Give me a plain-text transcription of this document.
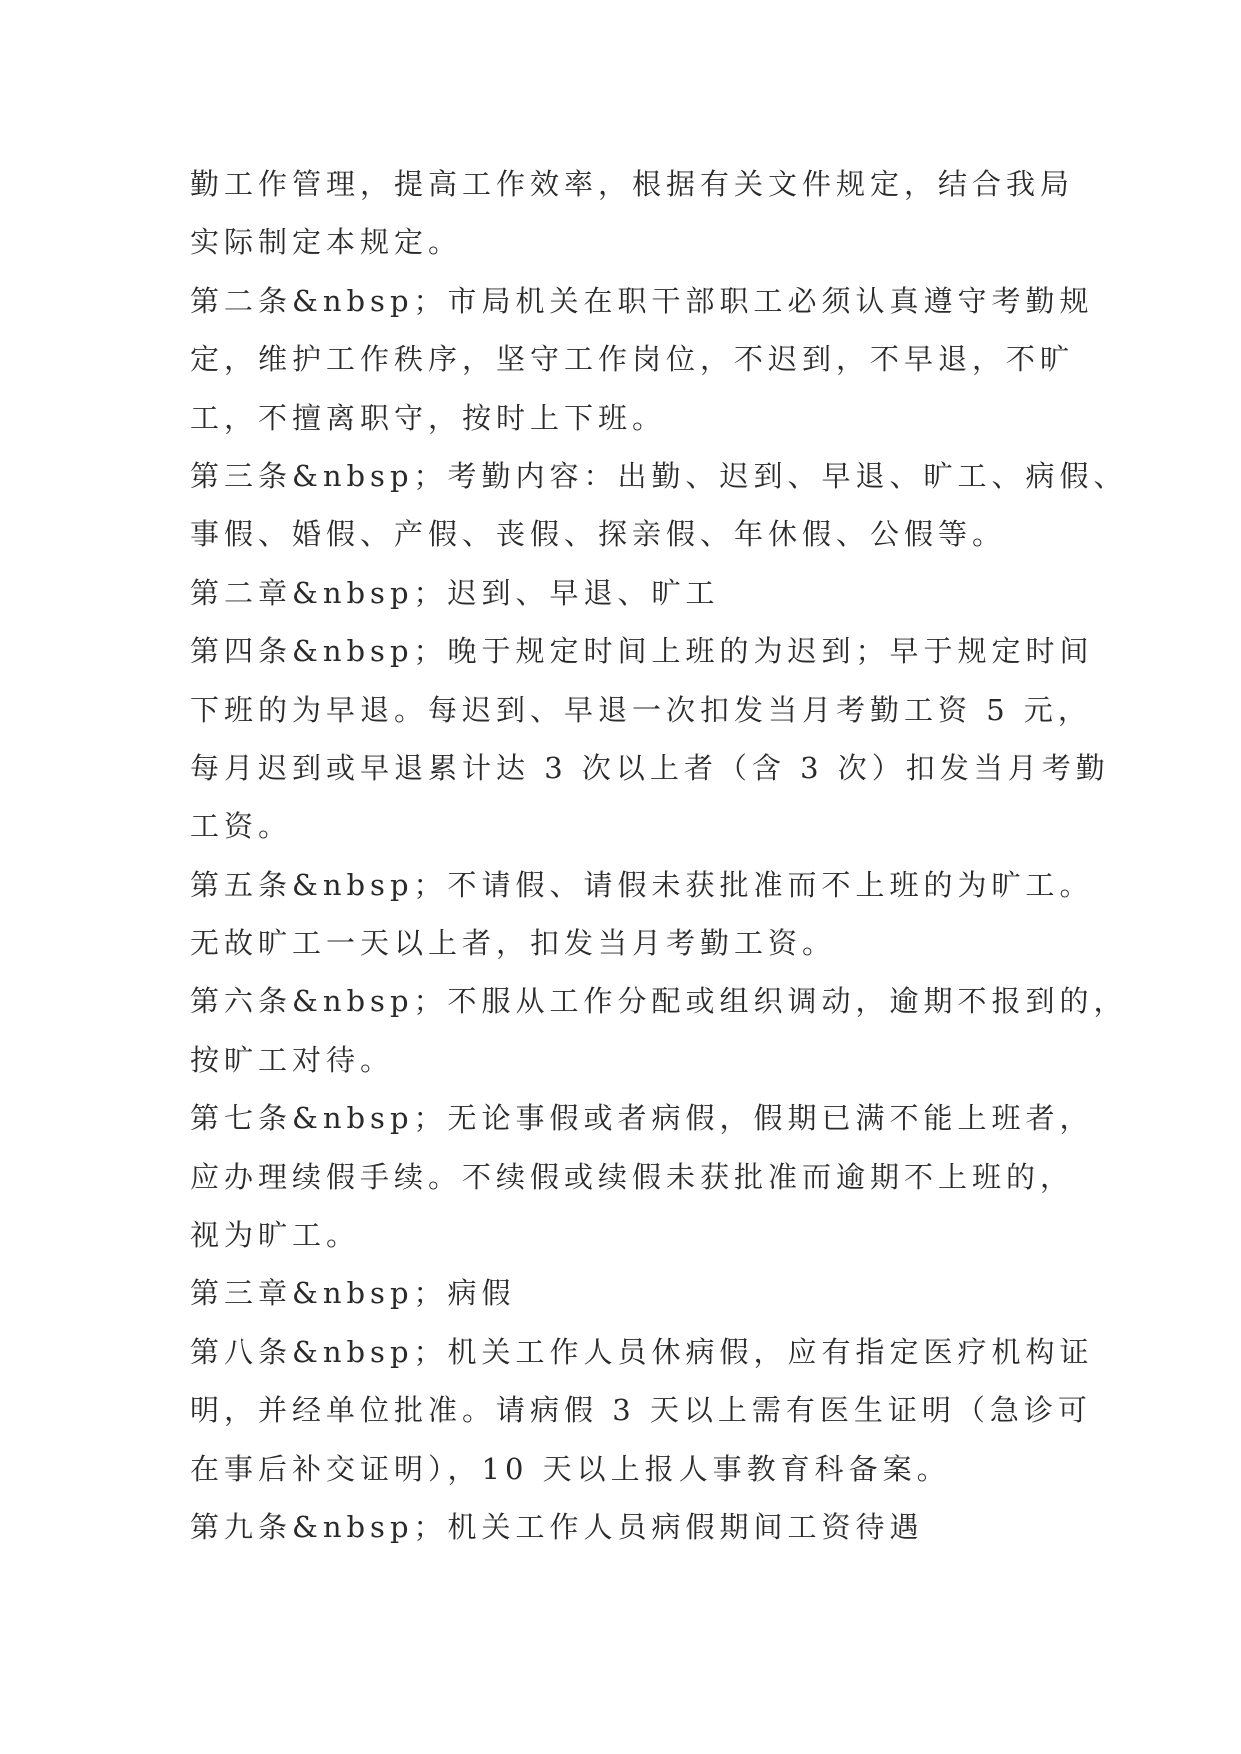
勤工作管理，提高工作效率，根据有关文件规定，结合我局
实际制定本规定。
第二条&nbsp；市局机关在职干部职工必须认真遵守考勤规
定，维护工作秩序，坚守工作岗位，不迟到，不早退，不旷
工，不擅离职守，按时上下班。
第三条&nbsp；考勤内容：出勤、迟到、早退、旷工、病假、
事假、婚假、产假、丧假、探亲假、年休假、公假等。
第二章&nbsp；迟到、早退、旷工
第四条&nbsp；晚于规定时间上班的为迟到；早于规定时间
下班的为早退。每迟到、早退一次扣发当月考勤工资 5 元，
每月迟到或早退累计达 3 次以上者（含 3 次）扣发当月考勤
工资。
第五条&nbsp；不请假、请假未获批准而不上班的为旷工。
无故旷工一天以上者，扣发当月考勤工资。
第六条&nbsp；不服从工作分配或组织调动，逾期不报到的，
按旷工对待。
第七条&nbsp；无论事假或者病假，假期已满不能上班者，
应办理续假手续。不续假或续假未获批准而逾期不上班的，
视为旷工。
第三章&nbsp；病假
第八条&nbsp；机关工作人员休病假，应有指定医疗机构证
明，并经单位批准。请病假 3 天以上需有医生证明（急诊可
在事后补交证明），10 天以上报人事教育科备案。
第九条&nbsp；机关工作人员病假期间工资待遇
